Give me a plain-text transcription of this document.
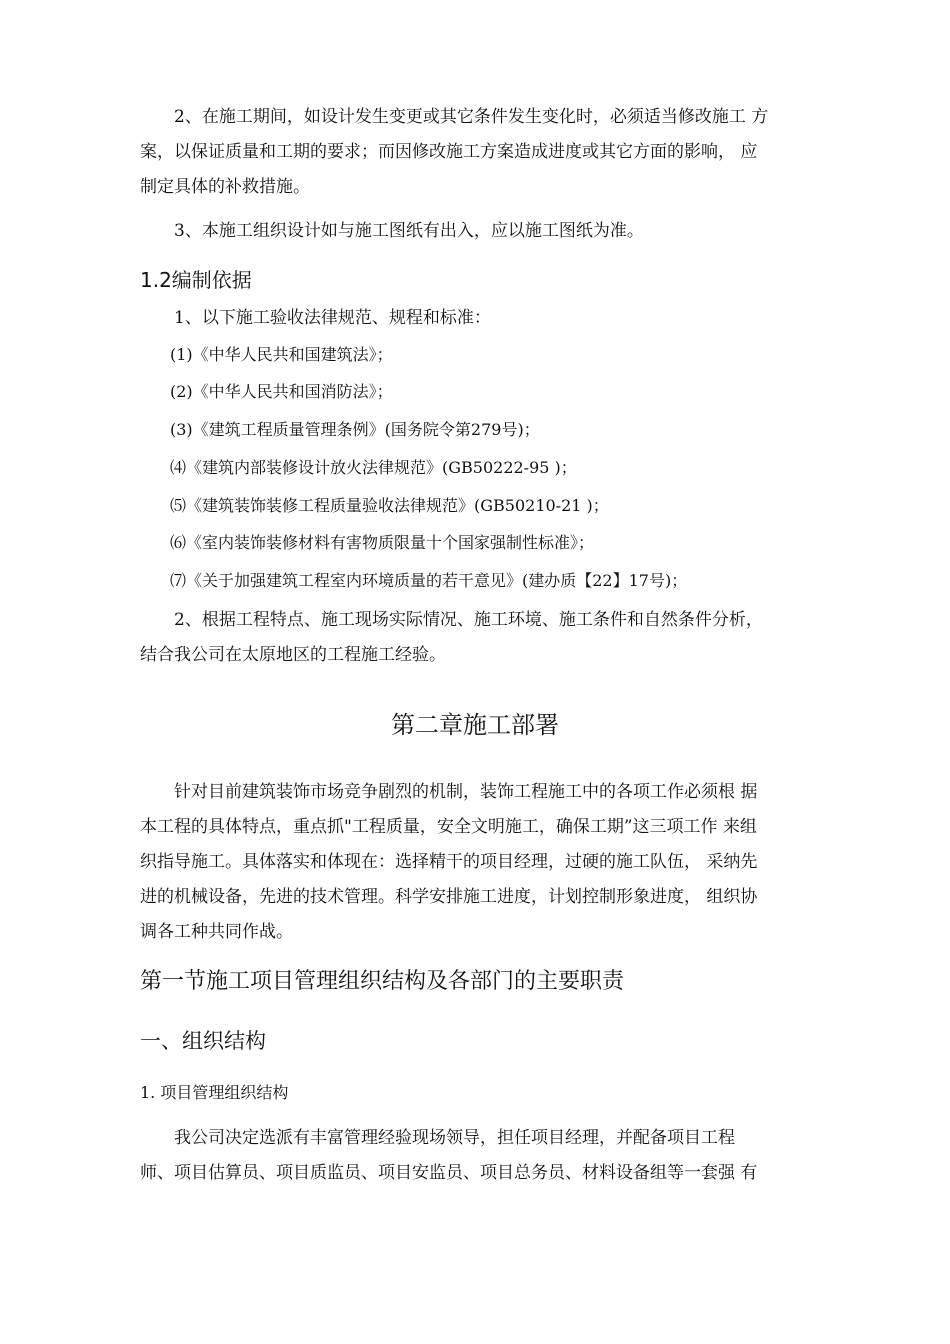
2、在施工期间，如设计发生变更或其它条件发生变化时，必须适当修改施工 方
案，以保证质量和工期的要求；而因修改施工方案造成进度或其它方面的影响， 应
制定具体的补救措施。
3、本施工组织设计如与施工图纸有出入，应以施工图纸为准。
1.2编制依据
1、以下施工验收法律规范、规程和标准：
(1)《中华人民共和国建筑法》；
(2)《中华人民共和国消防法》；
(3)《建筑工程质量管理条例》(国务院令第279号)；
⑷《建筑内部装修设计放火法律规范》(GB50222-95 )；
⑸《建筑装饰装修工程质量验收法律规范》(GB50210-21 )；
⑹《室内装饰装修材料有害物质限量十个国家强制性标准》；
⑺《关于加强建筑工程室内环境质量的若干意见》(建办质【22】17号)；
2、根据工程特点、施工现场实际情况、施工环境、施工条件和自然条件分析，
结合我公司在太原地区的工程施工经验。
第二章施工部署
针对目前建筑装饰市场竞争剧烈的机制，装饰工程施工中的各项工作必须根 据
本工程的具体特点，重点抓"工程质量，安全文明施工，确保工期”这三项工作 来组
织指导施工。具体落实和体现在：选择精干的项目经理，过硬的施工队伍， 采纳先
进的机械设备，先进的技术管理。科学安排施工进度，计划控制形象进度， 组织协
调各工种共同作战。
第一节施工项目管理组织结构及各部门的主要职责
一、组织结构
1. 项目管理组织结构
我公司决定选派有丰富管理经验现场领导，担任项目经理，并配备项目工程
师、项目估算员、项目质监员、项目安监员、项目总务员、材料设备组等一套强 有
